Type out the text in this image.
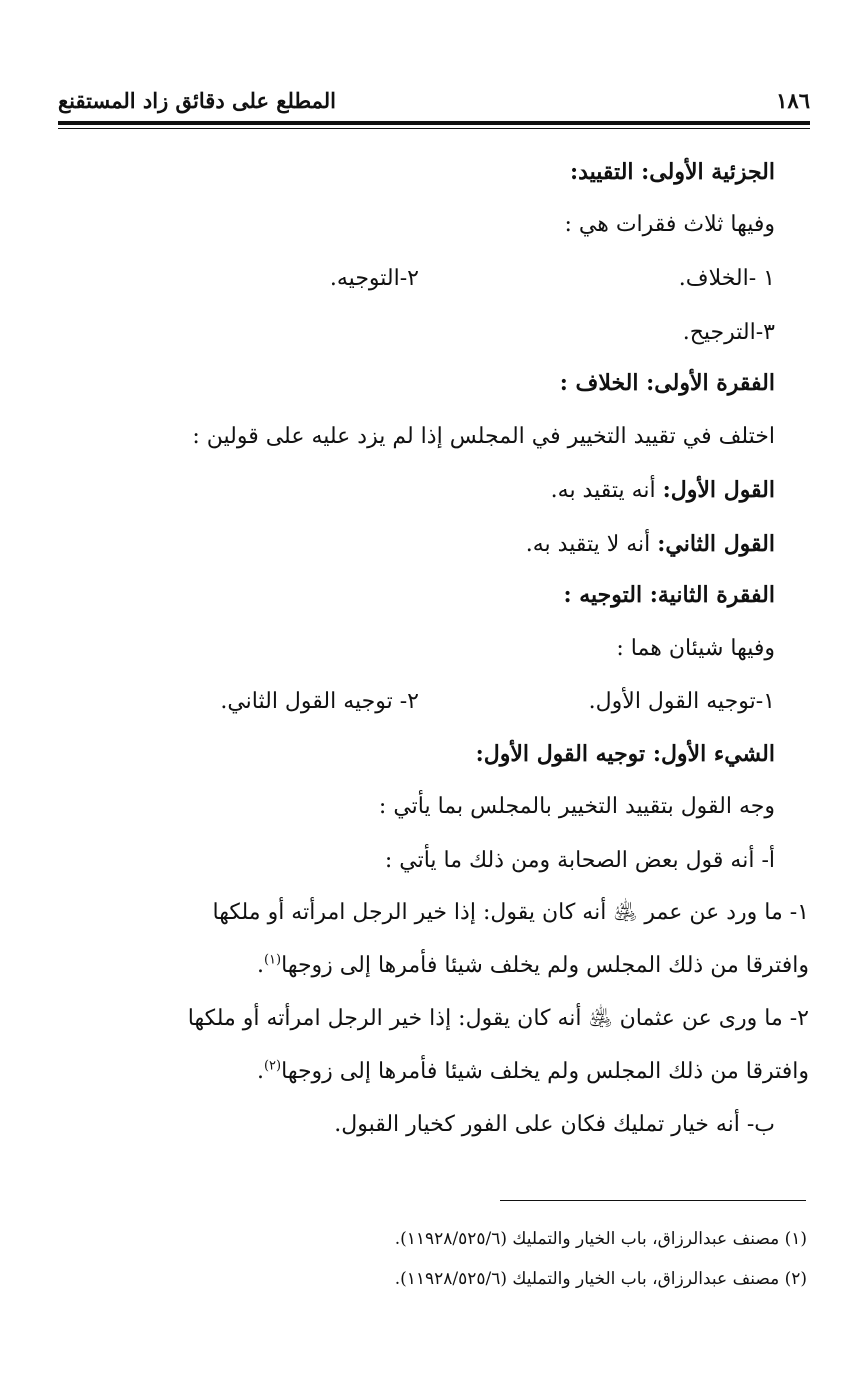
١٨٦
المطلع على دقائق زاد المستقنع
الجزئية الأولى: التقييد:
وفيها ثلاث فقرات هي :
١ -الخلاف.
٢-التوجيه.
٣-الترجيح.
الفقرة الأولى: الخلاف :
اختلف في تقييد التخيير في المجلس إذا لم يزد عليه على قولين :
القول الأول: أنه يتقيد به.
القول الثاني: أنه لا يتقيد به.
الفقرة الثانية: التوجيه :
وفيها شيئان هما :
١-توجيه القول الأول.
٢- توجيه القول الثاني.
الشيء الأول: توجيه القول الأول:
وجه القول بتقييد التخيير بالمجلس بما يأتي :
أ- أنه قول بعض الصحابة ومن ذلك ما يأتي :
١- ما ورد عن عمر ﵁ أنه كان يقول: إذا خير الرجل امرأته أو ملكها
وافترقا من ذلك المجلس ولم يخلف شيئا فأمرها إلى زوجها$^{(١)}$.
٢- ما ورى عن عثمان ﵁ أنه كان يقول: إذا خير الرجل امرأته أو ملكها
وافترقا من ذلك المجلس ولم يخلف شيئا فأمرها إلى زوجها$^{(٢)}$.
ب- أنه خيار تمليك فكان على الفور كخيار القبول.
(١) مصنف عبدالرزاق، باب الخيار والتمليك (١١٩٢٨/٥٢٥/٦).
(٢) مصنف عبدالرزاق، باب الخيار والتمليك (١١٩٢٨/٥٢٥/٦).
